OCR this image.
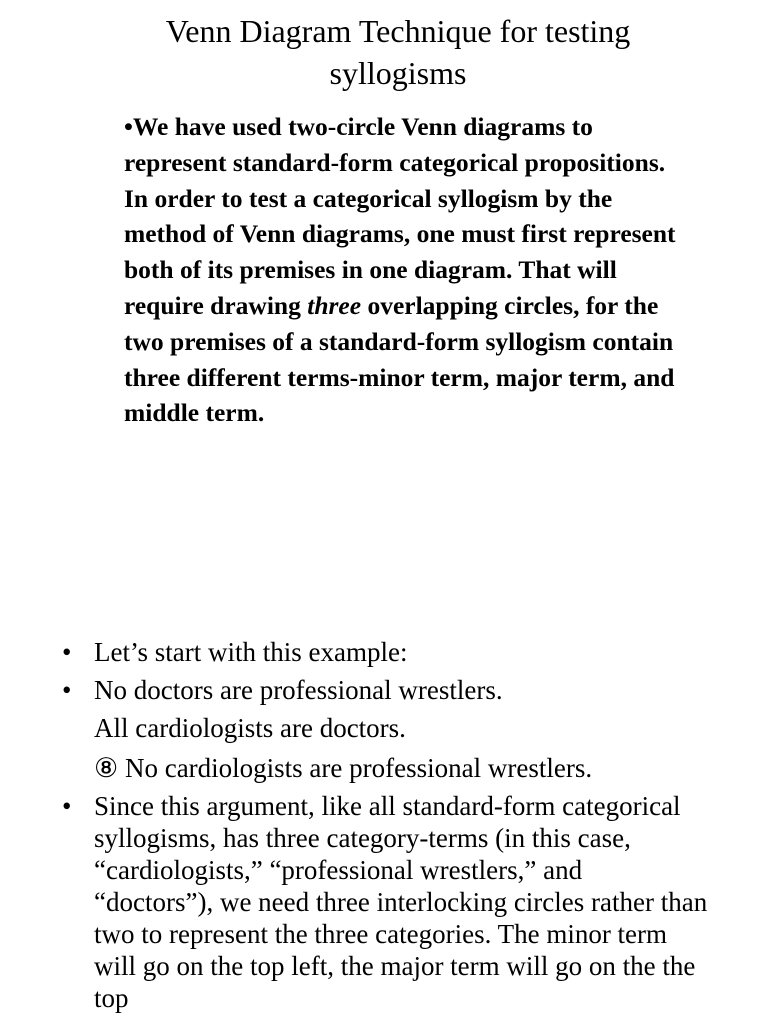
Venn Diagram Technique for testing syllogisms

•We have used two-circle Venn diagrams to represent standard-form categorical propositions. In order to test a categorical syllogism by the method of Venn diagrams, one must first represent both of its premises in one diagram. That will require drawing three overlapping circles, for the two premises of a standard-form syllogism contain three different terms-minor term, major term, and middle term.

• Let’s start with this example:
• No doctors are professional wrestlers.
All cardiologists are doctors.
⑧ No cardiologists are professional wrestlers.
• Since this argument, like all standard-form categorical syllogisms, has three category-terms (in this case, “cardiologists,” “professional wrestlers,” and “doctors”), we need three interlocking circles rather than two to represent the three categories. The minor term will go on the top left, the major term will go on the the top
